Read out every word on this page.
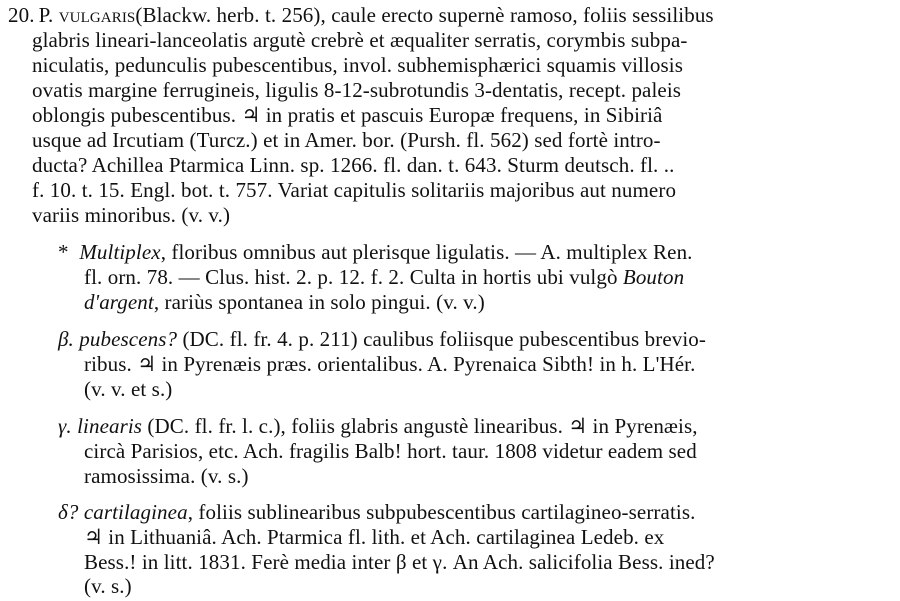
20. P. vulgaris(Blackw. herb. t. 256), caule erecto supernè ramoso, foliis sessilibus
glabris lineari-lanceolatis argutè crebrè et æqualiter serratis, corymbis subpa-
niculatis, pedunculis pubescentibus, invol. subhemisphærici squamis villosis
ovatis margine ferrugineis, ligulis 8-12-subrotundis 3-dentatis, recept. paleis
oblongis pubescentibus. ♃ in pratis et pascuis Europæ frequens, in Sibiriâ
usque ad Ircutiam (Turcz.) et in Amer. bor. (Pursh. fl. 562) sed fortè intro-
ducta? Achillea Ptarmica Linn. sp. 1266. fl. dan. t. 643. Sturm deutsch. fl. ..
f. 10. t. 15. Engl. bot. t. 757. Variat capitulis solitariis majoribus aut numero
variis minoribus. (v. v.)
* Multiplex, floribus omnibus aut plerisque ligulatis. — A. multiplex Ren.
fl. orn. 78. — Clus. hist. 2. p. 12. f. 2. Culta in hortis ubi vulgò Bouton
d'argent, rariùs spontanea in solo pingui. (v. v.)
β. pubescens? (DC. fl. fr. 4. p. 211) caulibus foliisque pubescentibus brevio-
ribus. ♃ in Pyrenæis præs. orientalibus. A. Pyrenaica Sibth! in h. L'Hér.
(v. v. et s.)
γ. linearis (DC. fl. fr. l. c.), foliis glabris angustè linearibus. ♃ in Pyrenæis,
circà Parisios, etc. Ach. fragilis Balb! hort. taur. 1808 videtur eadem sed
ramosissima. (v. s.)
δ? cartilaginea, foliis sublinearibus subpubescentibus cartilagineo-serratis.
♃ in Lithuaniâ. Ach. Ptarmica fl. lith. et Ach. cartilaginea Ledeb. ex
Bess.! in litt. 1831. Ferè media inter β et γ. An Ach. salicifolia Bess. ined?
(v. s.)
